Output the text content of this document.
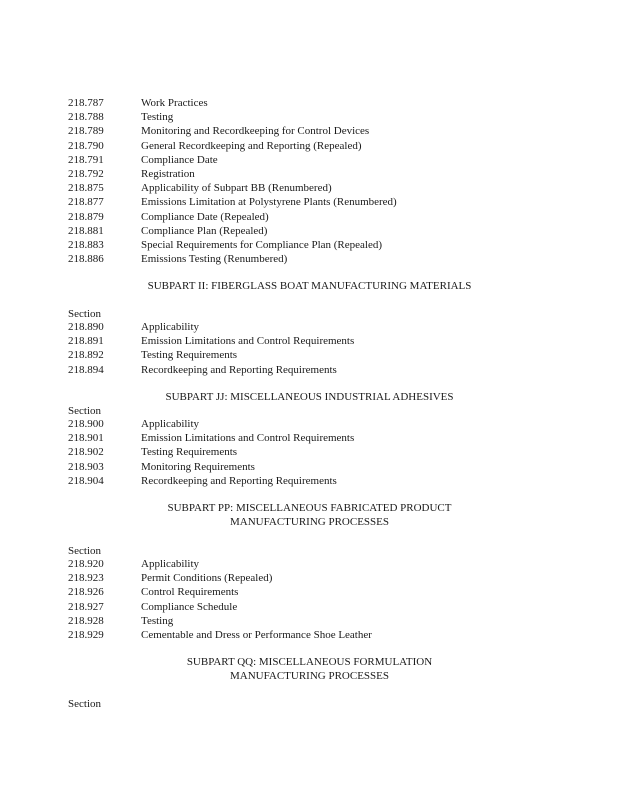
218.787	Work Practices
218.788	Testing
218.789	Monitoring and Recordkeeping for Control Devices
218.790	General Recordkeeping and Reporting (Repealed)
218.791	Compliance Date
218.792	Registration
218.875	Applicability of Subpart BB (Renumbered)
218.877	Emissions Limitation at Polystyrene Plants (Renumbered)
218.879	Compliance Date (Repealed)
218.881	Compliance Plan (Repealed)
218.883	Special Requirements for Compliance Plan (Repealed)
218.886	Emissions Testing (Renumbered)
SUBPART II: FIBERGLASS BOAT MANUFACTURING MATERIALS
Section
218.890	Applicability
218.891	Emission Limitations and Control Requirements
218.892	Testing Requirements
218.894	Recordkeeping and Reporting Requirements
SUBPART JJ: MISCELLANEOUS INDUSTRIAL ADHESIVES
Section
218.900	Applicability
218.901	Emission Limitations and Control Requirements
218.902	Testing Requirements
218.903	Monitoring Requirements
218.904	Recordkeeping and Reporting Requirements
SUBPART PP: MISCELLANEOUS FABRICATED PRODUCT
MANUFACTURING PROCESSES
Section
218.920	Applicability
218.923	Permit Conditions (Repealed)
218.926	Control Requirements
218.927	Compliance Schedule
218.928	Testing
218.929	Cementable and Dress or Performance Shoe Leather
SUBPART QQ: MISCELLANEOUS FORMULATION
MANUFACTURING PROCESSES
Section
